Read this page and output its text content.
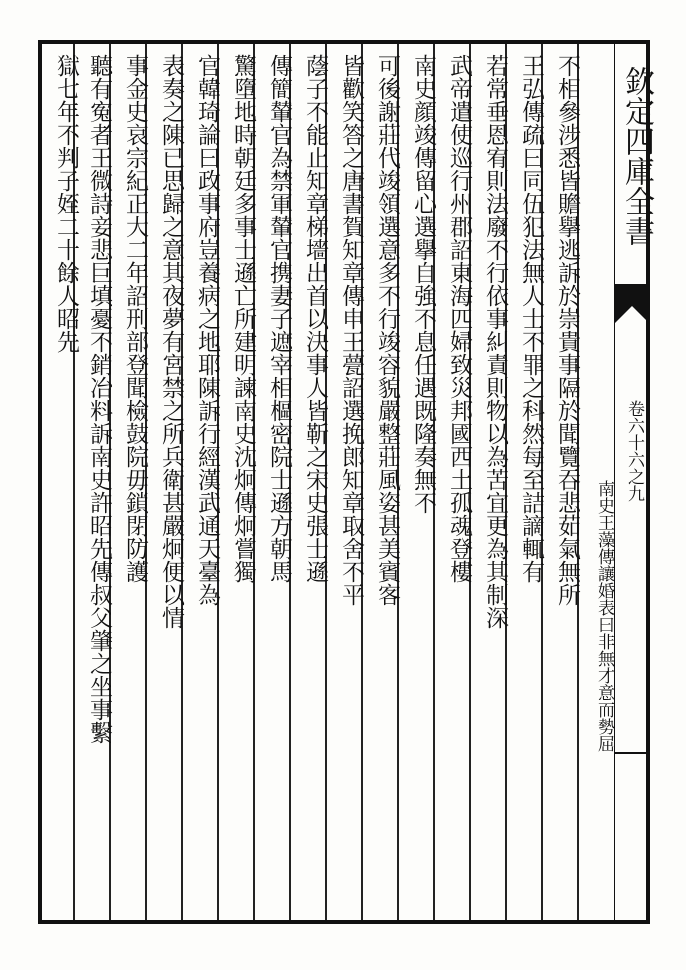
欽定四庫全書
卷六十六之九
南史王藻傳讓婚表曰非無才意而勢屈
不相參涉悉皆贍擧逃訴於崇貴事隔於聞覽吞悲茹氣無所
王弘傳疏曰同伍犯法無人士不罪之科然每至詰謫輒有
若常垂恩宥則法廢不行依事糾責則物以為苦宜更為其制深
武帝遣使巡行州郡詔東海匹婦致災邦國西土孤魂登樓
南史顔竣傳留心選擧自強不息任遇既隆奏無不
可後謝莊代竣領選意多不行竣容貌嚴整莊風姿甚美賓客
皆歡笑答之唐書賀知章傳申王甍詔選挽郎知章取舍不平
蔭子不能止知章梯墻出首以決事人皆靳之宋史張士遜
傳簡輦官為禁軍輦官携妻子遮宰相樞密院士遜方朝馬
驚墮地時朝廷多事士遜亡所建明諫南史沈炯傳炯嘗獨
官韓琦論曰政事府豈養病之地耶陳訴行經漢武通天臺為
表奏之陳已思歸之意其夜夢有宮禁之所兵衛甚嚴炯便以情
事金史哀宗紀正大二年詔刑部登聞檢鼓院毋鎖閉防護
聽有寃者王微詩妾悲巨填憂不銷冶料訴南史許昭先傳叔父肇之坐事繫
獄七年不判子姪二十餘人昭先
